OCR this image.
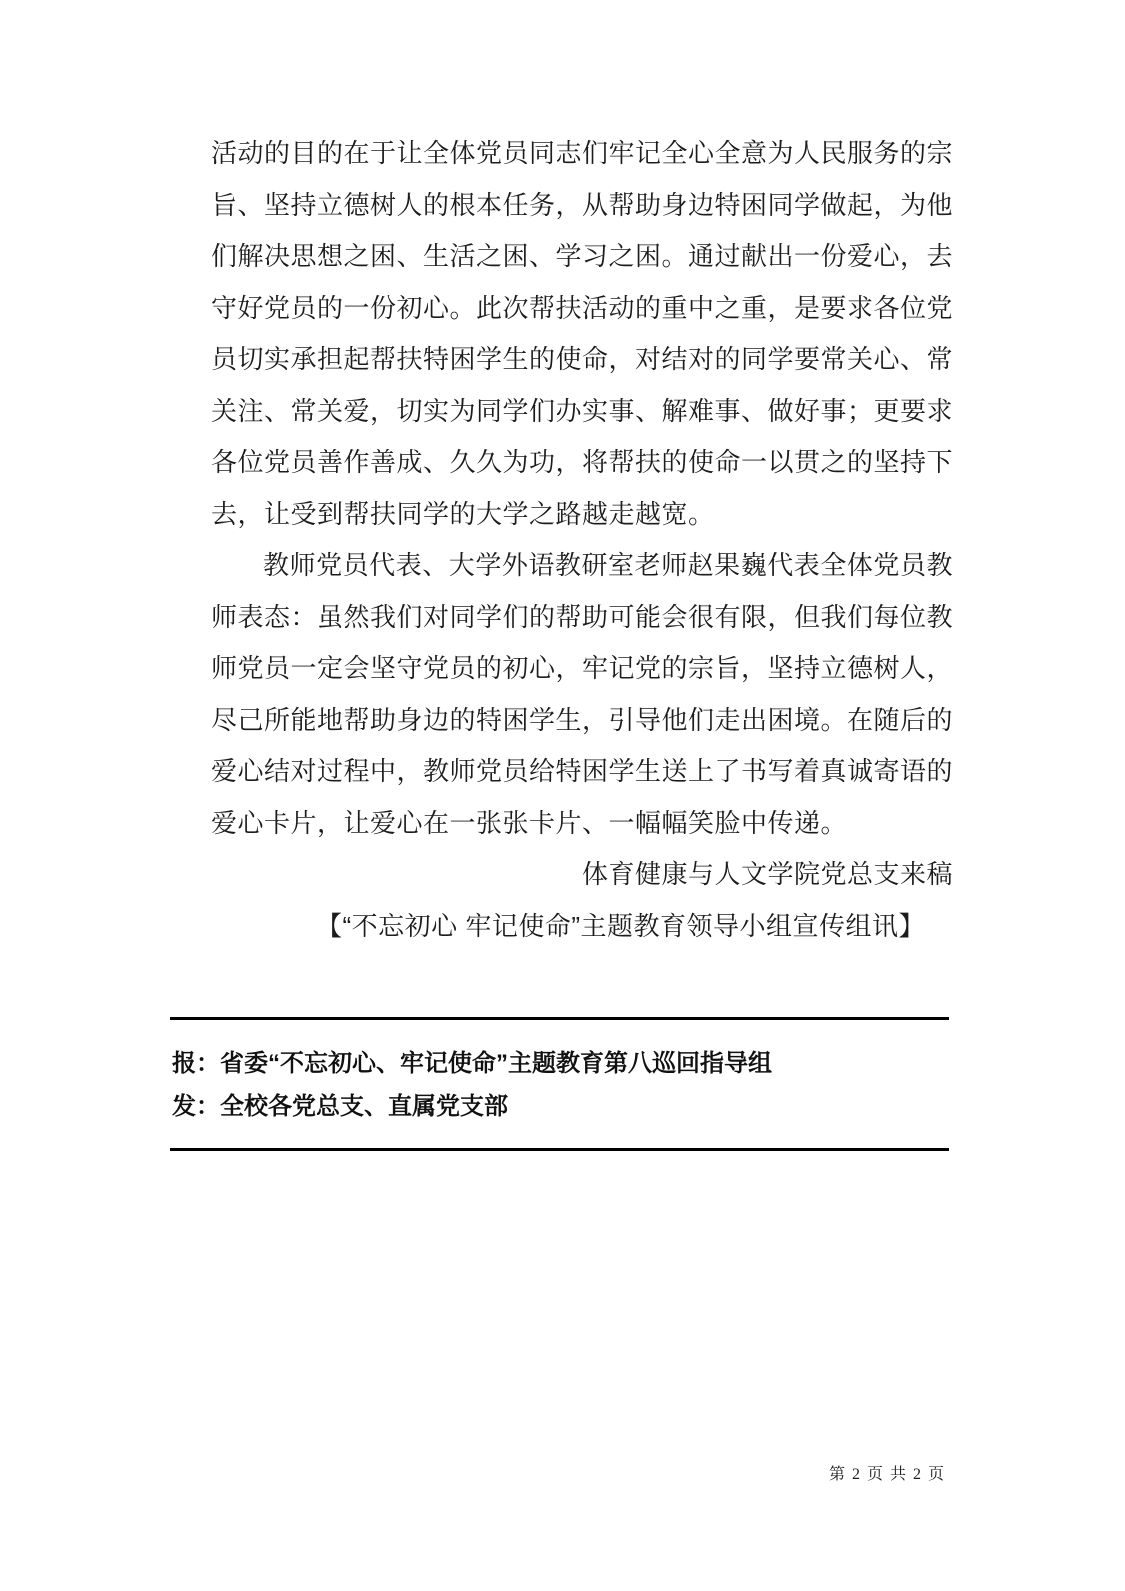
活动的目的在于让全体党员同志们牢记全心全意为人民服务的宗
旨、坚持立德树人的根本任务，从帮助身边特困同学做起，为他
们解决思想之困、生活之困、学习之困。通过献出一份爱心，去
守好党员的一份初心。此次帮扶活动的重中之重，是要求各位党
员切实承担起帮扶特困学生的使命，对结对的同学要常关心、常
关注、常关爱，切实为同学们办实事、解难事、做好事；更要求
各位党员善作善成、久久为功，将帮扶的使命一以贯之的坚持下
去，让受到帮扶同学的大学之路越走越宽。
教师党员代表、大学外语教研室老师赵果巍代表全体党员教
师表态：虽然我们对同学们的帮助可能会很有限，但我们每位教
师党员一定会坚守党员的初心，牢记党的宗旨，坚持立德树人，
尽己所能地帮助身边的特困学生，引导他们走出困境。在随后的
爱心结对过程中，教师党员给特困学生送上了书写着真诚寄语的
爱心卡片，让爱心在一张张卡片、一幅幅笑脸中传递。
体育健康与人文学院党总支来稿
【“不忘初心 牢记使命”主题教育领导小组宣传组讯】
报：省委“不忘初心、牢记使命”主题教育第八巡回指导组
发：全校各党总支、直属党支部
第 2 页 共 2 页
